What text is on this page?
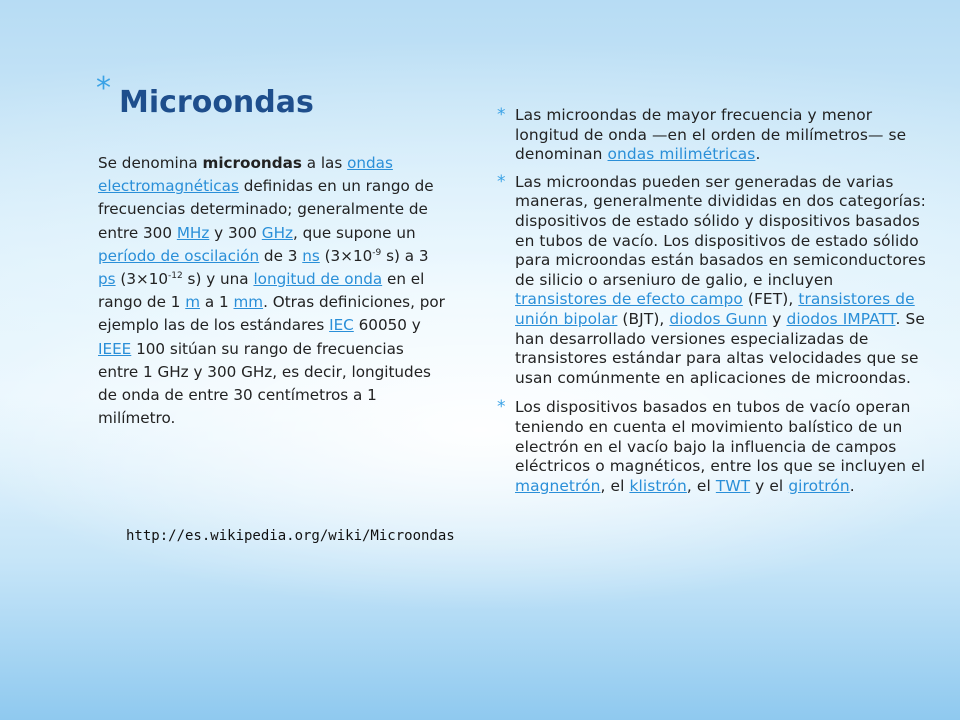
* Microondas
Se denomina microondas a las ondas electromagnéticas definidas en un rango de frecuencias determinado; generalmente de entre 300 MHz y 300 GHz, que supone un período de oscilación de 3 ns ($3\times 10^{-9}$ s) a 3 ps ($3\times 10^{-12}$ s) y una longitud de onda en el rango de 1 m a 1 mm. Otras definiciones, por ejemplo las de los estándares IEC 60050 y IEEE 100 sitúan su rango de frecuencias entre 1 GHz y 300 GHz, es decir, longitudes de onda de entre 30 centímetros a 1 milímetro.
http://es.wikipedia.org/wiki/Microondas
* Las microondas de mayor frecuencia y menor longitud de onda —en el orden de milímetros— se denominan ondas milimétricas.
* Las microondas pueden ser generadas de varias maneras, generalmente divididas en dos categorías: dispositivos de estado sólido y dispositivos basados en tubos de vacío. Los dispositivos de estado sólido para microondas están basados en semiconductores de silicio o arseniuro de galio, e incluyen transistores de efecto campo (FET), transistores de unión bipolar (BJT), diodos Gunn y diodos IMPATT. Se han desarrollado versiones especializadas de transistores estándar para altas velocidades que se usan comúnmente en aplicaciones de microondas.
* Los dispositivos basados en tubos de vacío operan teniendo en cuenta el movimiento balístico de un electrón en el vacío bajo la influencia de campos eléctricos o magnéticos, entre los que se incluyen el magnetrón, el klistrón, el TWT y el girotrón.
